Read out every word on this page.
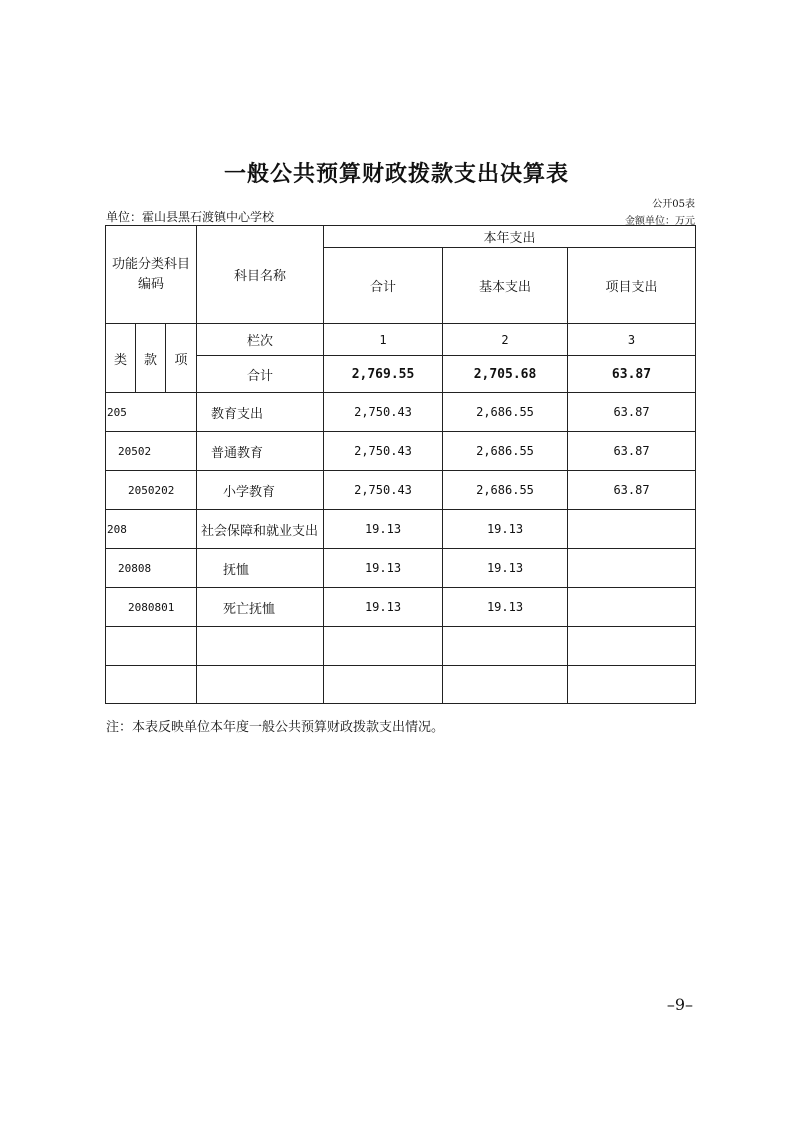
一般公共预算财政拨款支出决算表
公开05表
单位：霍山县黑石渡镇中心学校	金额单位：万元
功能分类科目编码			科目名称	本年支出		
				合计	基本支出	项目支出
类	款	项	栏次	1	2	3
			合计	2,769.55	2,705.68	63.87
205			教育支出	2,750.43	2,686.55	63.87
20502			普通教育	2,750.43	2,686.55	63.87
2050202			小学教育	2,750.43	2,686.55	63.87
208			社会保障和就业支出	19.13	19.13	
20808			抚恤	19.13	19.13	
2080801			死亡抚恤	19.13	19.13	

注：本表反映单位本年度一般公共预算财政拨款支出情况。
–9–
